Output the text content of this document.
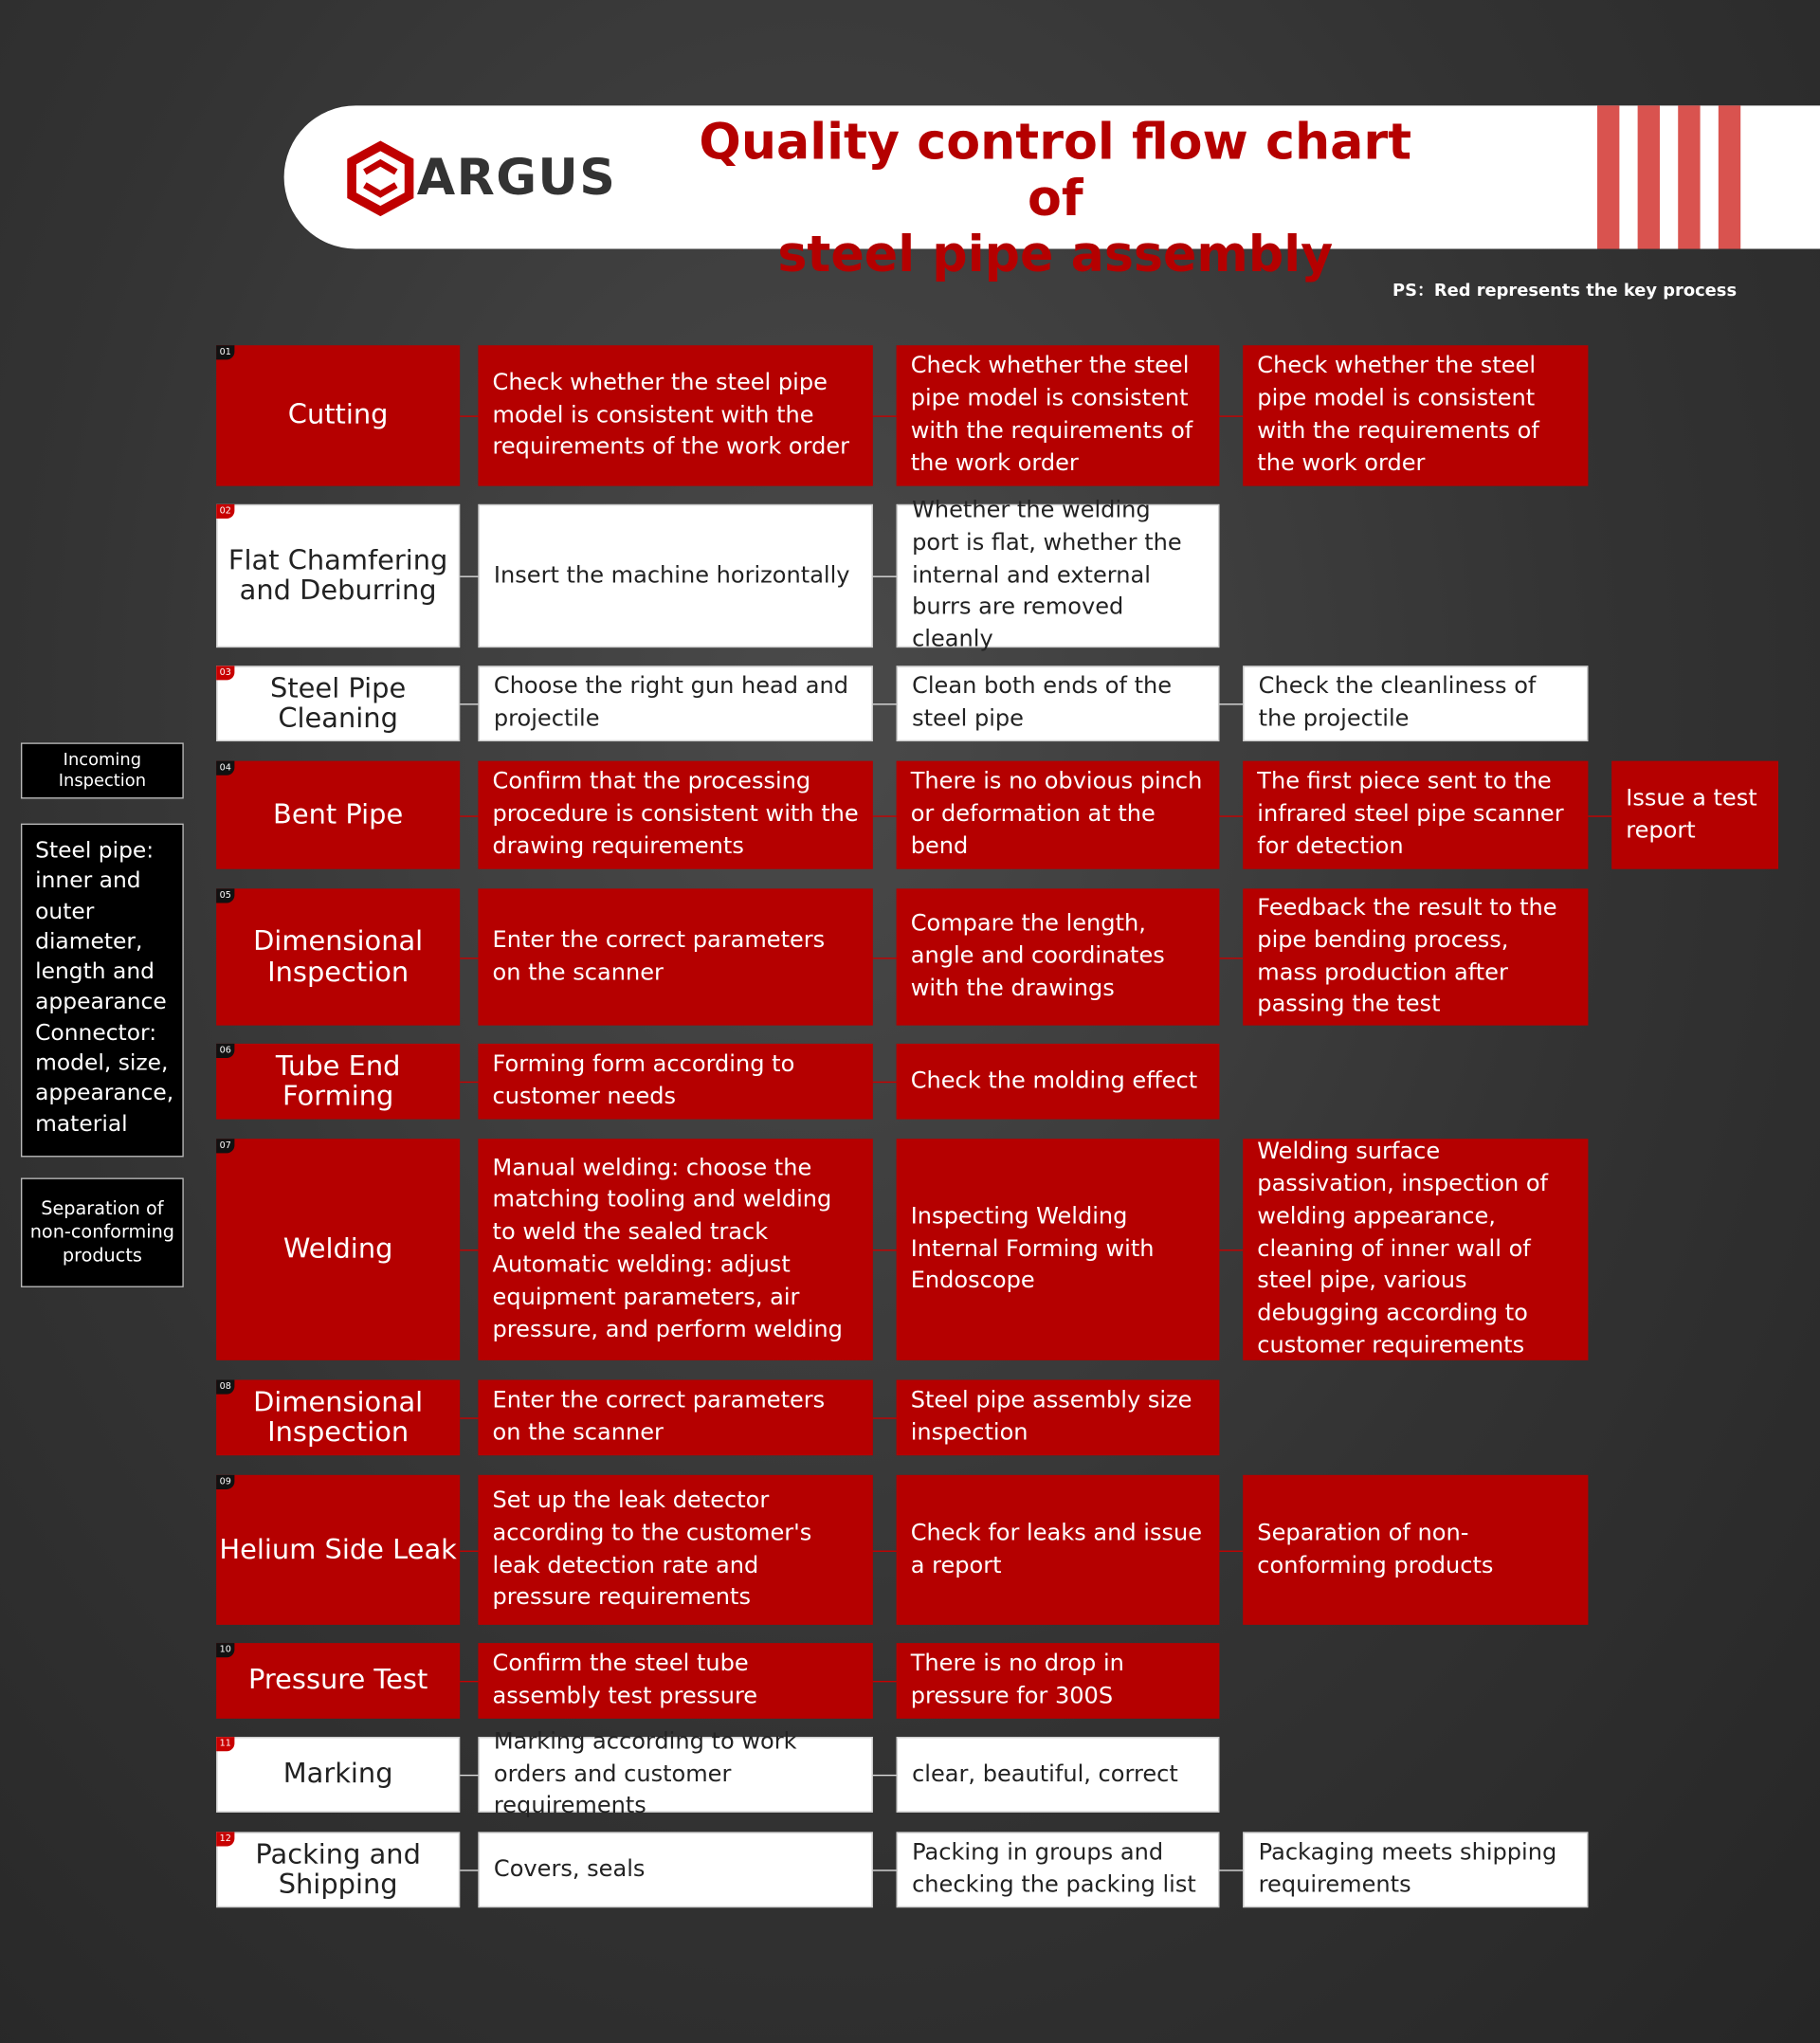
ARGUS
Quality control flow chart of
steel pipe assembly
PS：Red represents the key process
Incoming Inspection
Steel pipe:
inner and
outer
diameter,
length and
appearance
Connector:
model, size,
appearance,
material
Separation of non-conforming products
Cutting
Check whether the steel pipe model is consistent with the requirements of the work order
Check whether the steel pipe model is consistent with the requirements of the work order
Check whether the steel pipe model is consistent with the requirements of the work order
Flat Chamfering and Deburring	Insert the machine horizontally
Whether the welding port is flat, whether the internal and external burrs are removed cleanly
Steel Pipe Cleaning
Choose the right gun head and projectile
Clean both ends of the steel pipe
Check the cleanliness of the projectile
Bent Pipe
Confirm that the processing procedure is consistent with the drawing requirements
There is no obvious pinch or deformation at the bend
The first piece sent to the infrared steel pipe scanner for detection
Issue a test report
Dimensional Inspection
Enter the correct parameters on the scanner
Compare the length, angle and coordinates with the drawings
Feedback the result to the pipe bending process, mass production after passing the test
Tube End Forming
Forming form according to customer needs
Check the molding effect
Welding
Manual welding: choose the matching tooling and welding to weld the sealed track Automatic welding: adjust equipment parameters, air pressure, and perform welding
Inspecting Welding Internal Forming with Endoscope
Welding surface passivation, inspection of welding appearance, cleaning of inner wall of steel pipe, various debugging according to customer requirements
Dimensional Inspection
Enter the correct parameters on the scanner
Steel pipe assembly size inspection
Helium Side Leak
Set up the leak detector according to the customer's leak detection rate and pressure requirements
Check for leaks and issue a report
Separation of non-conforming products
Pressure Test
Confirm the steel tube assembly test pressure
There is no drop in pressure for 300S
Marking
Marking according to work orders and customer requirements
clear, beautiful, correct
Packing and Shipping	Covers, seals
Packing in groups and checking the packing list
Packaging meets shipping requirements
01
02
03
04
05
06
07
08
09
10
11
12
